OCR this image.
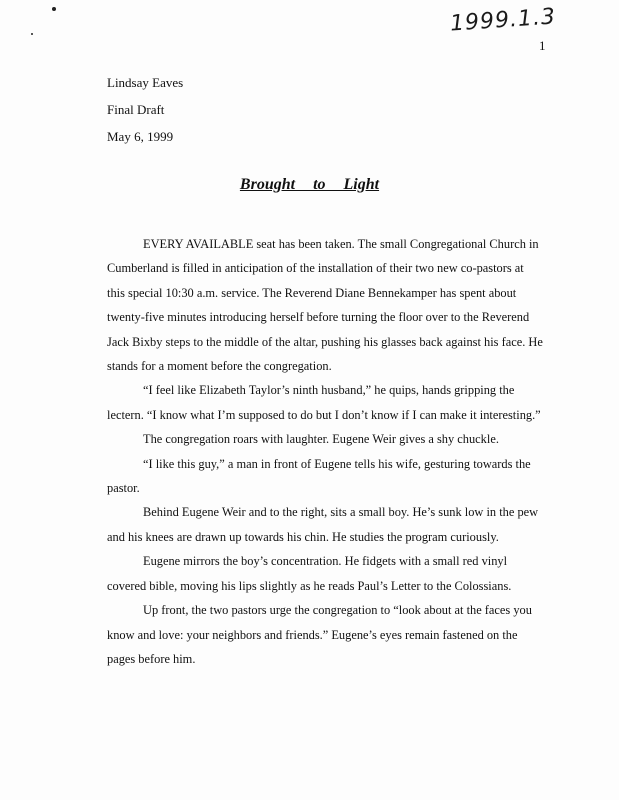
1999.1.3
1
Lindsay Eaves
Final Draft
May 6, 1999
Brought to Light

EVERY AVAILABLE seat has been taken. The small Congregational Church in Cumberland is filled in anticipation of the installation of their two new co-pastors at this special 10:30 a.m. service. The Reverend Diane Bennekamper has spent about twenty-five minutes introducing herself before turning the floor over to the Reverend Jack Bixby steps to the middle of the altar, pushing his glasses back against his face. He stands for a moment before the congregation.

“I feel like Elizabeth Taylor’s ninth husband,” he quips, hands gripping the lectern. “I know what I’m supposed to do but I don’t know if I can make it interesting.”

The congregation roars with laughter. Eugene Weir gives a shy chuckle.

“I like this guy,” a man in front of Eugene tells his wife, gesturing towards the pastor.

Behind Eugene Weir and to the right, sits a small boy. He’s sunk low in the pew and his knees are drawn up towards his chin. He studies the program curiously.

Eugene mirrors the boy’s concentration. He fidgets with a small red vinyl covered bible, moving his lips slightly as he reads Paul’s Letter to the Colossians.

Up front, the two pastors urge the congregation to “look about at the faces you know and love: your neighbors and friends.” Eugene’s eyes remain fastened on the pages before him.
